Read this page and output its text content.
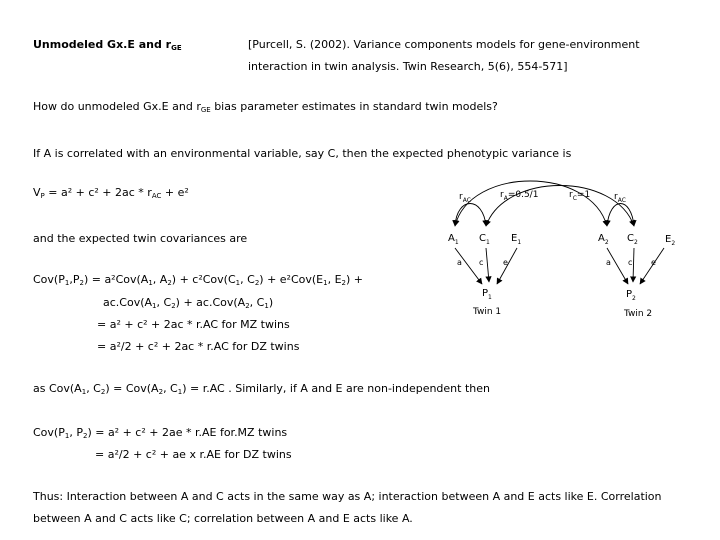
Unmodeled Gx.E and $r_{GE}$	[Purcell, S. (2002). Variance components models for gene-environment
interaction in twin analysis. Twin Research, 5(6), 554-571]
How do unmodeled Gx.E and $r_{GE}$ bias parameter estimates in standard twin models?
If A is correlated with an environmental variable, say C, then the expected phenotypic variance is
$V_P = a^2 + c^2 + 2ac * r_{AC} + e^2$
and the expected twin covariances are
$Cov(P_1,P_2) = a^2Cov(A_1$, $A_2) + c^2Cov(C_1$, $C_2) + e^2Cov(E_1$, $E_2$) +
$ac.Cov(A_1$, $C_2) + ac.Cov(A_2$, $C_1$)
= a² + c² + 2ac * r.AC for MZ twins
= a²/2 + c² + 2ac * r.AC for DZ twins
as $Cov(A_1$, $C_2) = Cov(A_2$, $C_1) = r.AC$ . Similarly, if A and E are non-independent then
$Cov(P_1$, $P_2) = a^2 + c^2 + 2ae * r.AE$ for.MZ twins
= a²/2 + c² + ae x r.AE for DZ twins
Thus: Interaction between A and C acts in the same way as A; interaction between A and E acts like E. Correlation
between A and C acts like C; correlation between A and E acts like A.
$r_{AC}$
$r_A=0.5/1$	$r_C=1$	$r_{AC}$
$A_1$ $C_1$ $E_1$	$A_2$ $C_2$	$E_2$
a c e	a c e
$P_1$	$P_2$
Twin 1	Twin 2
